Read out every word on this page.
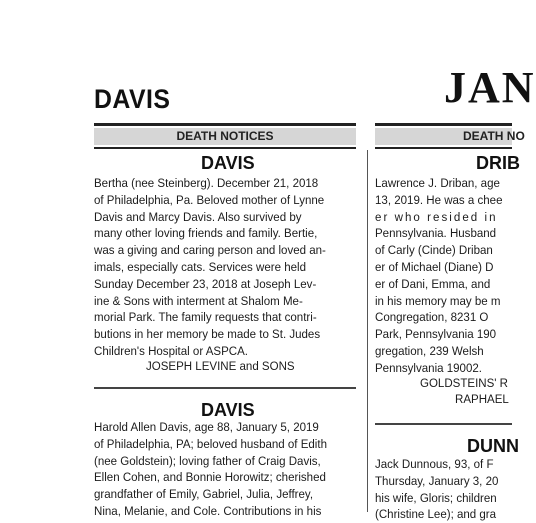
DAVIS	JAN
DEATH NOTICES	DEATH NO
DAVIS
Bertha (nee Steinberg). December 21, 2018
of Philadelphia, Pa. Beloved mother of Lynne
Davis and Marcy Davis. Also survived by
many other loving friends and family. Bertie,
was a giving and caring person and loved an-
imals, especially cats. Services were held
Sunday December 23, 2018 at Joseph Lev-
ine & Sons with interment at Shalom Me-
morial Park. The family requests that contri-
butions in her memory be made to St. Judes
Children's Hospital or ASPCA.
JOSEPH LEVINE and SONS
DAVIS
Harold Allen Davis, age 88, January 5, 2019
of Philadelphia, PA; beloved husband of Edith
(nee Goldstein); loving father of Craig Davis,
Ellen Cohen, and Bonnie Horowitz; cherished
grandfather of Emily, Gabriel, Julia, Jeffrey,
Nina, Melanie, and Cole. Contributions in his
DRIB
Lawrence J. Driban, age
13, 2019. He was a chee
er who resided in
Pennsylvania. Husband
of Carly (Cinde) Driban
er of Michael (Diane) D
er of Dani, Emma, and
in his memory may be m
Congregation, 8231 O
Park, Pennsylvania 190
gregation, 239 Welsh
Pennsylvania 19002.
GOLDSTEINS' R
RAPHAEL
DUNN
Jack Dunnous, 93, of F
Thursday, January 3, 20
his wife, Gloris; children
(Christine Lee); and gra
